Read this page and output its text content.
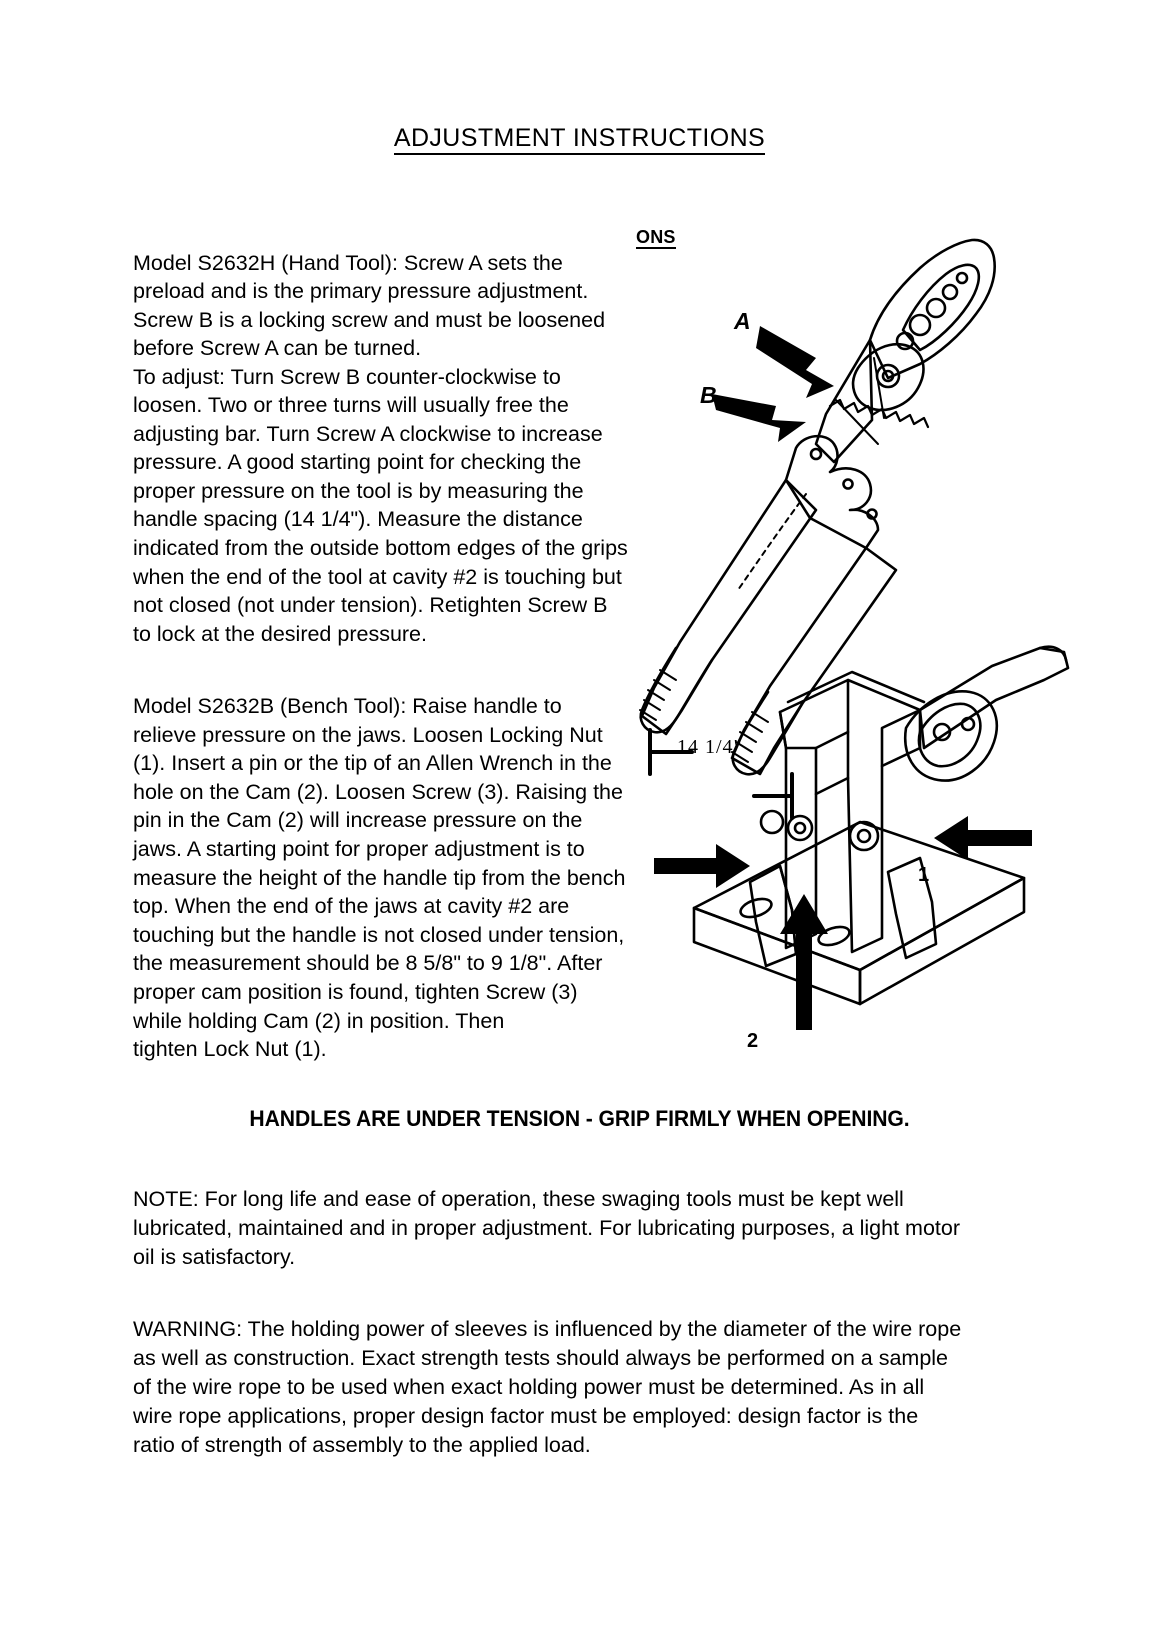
ADJUSTMENT INSTRUCTIONS
ONS
A
B
1
2
14 1/4"

Model S2632H (Hand Tool): Screw A sets the preload and is the primary pressure adjustment. Screw B is a locking screw and must be loosened before Screw A can be turned.

To adjust: Turn Screw B counter-clockwise to loosen. Two or three turns will usually free the adjusting bar. Turn Screw A clockwise to increase pressure. A good starting point for checking the proper pressure on the tool is by measuring the handle spacing (14 1/4"). Measure the distance indicated from the outside bottom edges of the grips when the end of the tool at cavity #2 is touching but not closed (not under tension). Retighten Screw B to lock at the desired pressure.

Model S2632B (Bench Tool): Raise handle to relieve pressure on the jaws. Loosen Locking Nut (1). Insert a pin or the tip of an Allen Wrench in the hole on the Cam (2). Loosen Screw (3). Raising the pin in the Cam (2) will increase pressure on the jaws. A starting point for proper adjustment is to measure the height of the handle tip from the bench top. When the end of the jaws at cavity #2 are touching but the handle is not closed under tension, the measurement should be 8 5/8" to 9 1/8". After proper cam position is found, tighten Screw (3) while holding Cam (2) in position. Then
tighten Lock Nut (1).
HANDLES ARE UNDER TENSION - GRIP FIRMLY WHEN OPENING.

NOTE: For long life and ease of operation, these swaging tools must be kept well lubricated, maintained and in proper adjustment. For lubricating purposes, a light motor oil is satisfactory.

WARNING: The holding power of sleeves is influenced by the diameter of the wire rope as well as construction. Exact strength tests should always be performed on a sample of the wire rope to be used when exact holding power must be determined. As in all wire rope applications, proper design factor must be employed: design factor is the ratio of strength of assembly to the applied load.
